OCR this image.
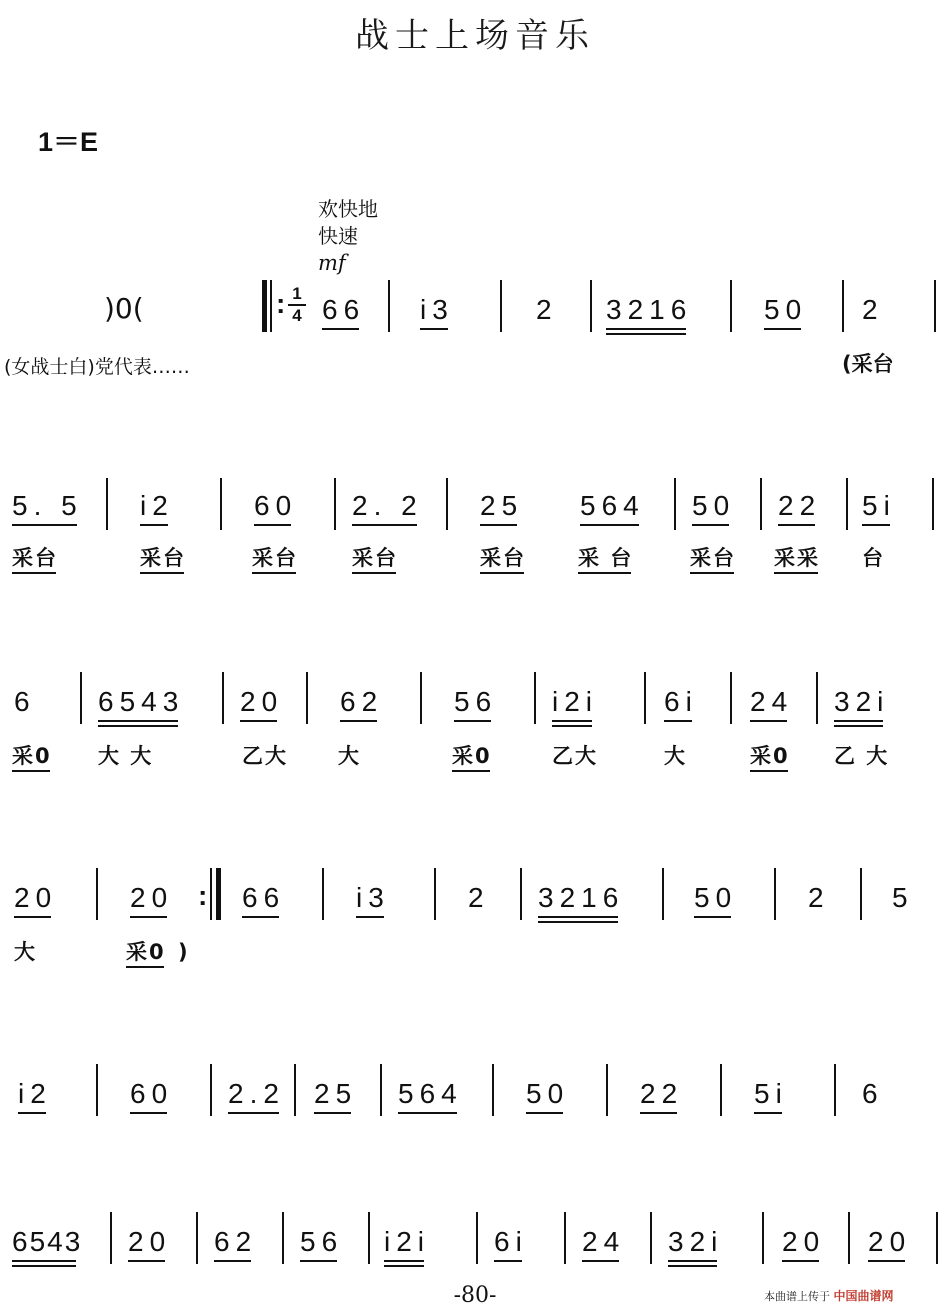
战士上场音乐
1＝E
欢快地
快速
mf
)0(
(女战士白)党代表……	(采台
: 1
4 66 i3	2 3216	50 2
5. 5 i2	60 2. 2 25 564 50 22 5i
采台	采台	采台	采台	采台 采 台	采台 采采 台
6 6543 20 62	56 i2i 6i 24 32i
采0 大 大	乙大 大	采0	乙大	大	采0 乙 大
20	20 : 66	i3	2 3216 50	2 5
大	采0 )
i2	60 2.2 25 564 50	22	5i	6
6543 20 62 56 i2i 6i 24 32i 20 20
-80-	本曲谱上传于 中国曲谱网
